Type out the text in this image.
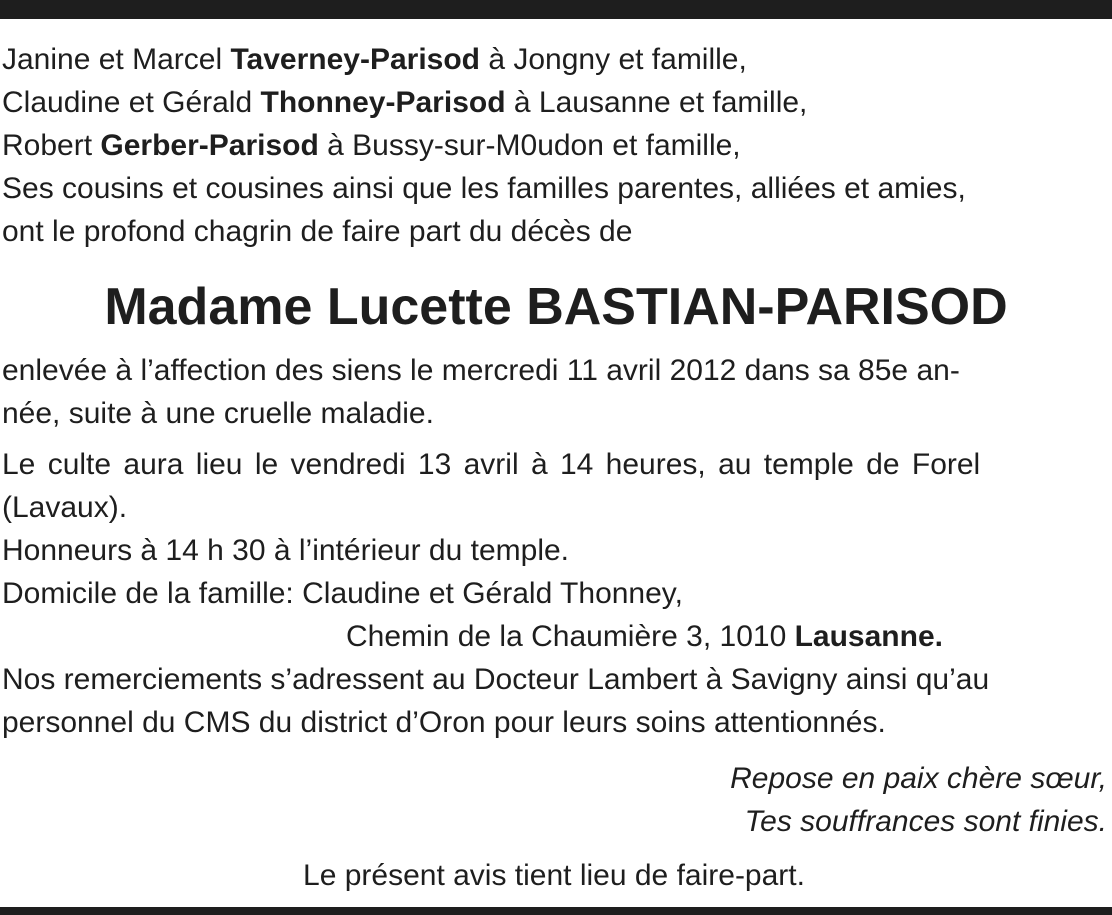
Janine et Marcel Taverney-Parisod à Jongny et famille,
Claudine et Gérald Thonney-Parisod à Lausanne et famille,
Robert Gerber-Parisod à Bussy-sur-M0udon et famille,
Ses cousins et cousines ainsi que les familles parentes, alliées et amies,
ont le profond chagrin de faire part du décès de
Madame Lucette BASTIAN-PARISOD
enlevée à l’affection des siens le mercredi 11 avril 2012 dans sa 85e an-
née, suite à une cruelle maladie.
Le culte aura lieu le vendredi 13 avril à 14 heures, au temple de Forel
(Lavaux).
Honneurs à 14 h 30 à l’intérieur du temple.
Domicile de la famille: Claudine et Gérald Thonney,
Chemin de la Chaumière 3, 1010 Lausanne.
Nos remerciements s’adressent au Docteur Lambert à Savigny ainsi qu’au
personnel du CMS du district d’Oron pour leurs soins attentionnés.
Repose en paix chère sœur,
Tes souffrances sont finies.
Le présent avis tient lieu de faire-part.
